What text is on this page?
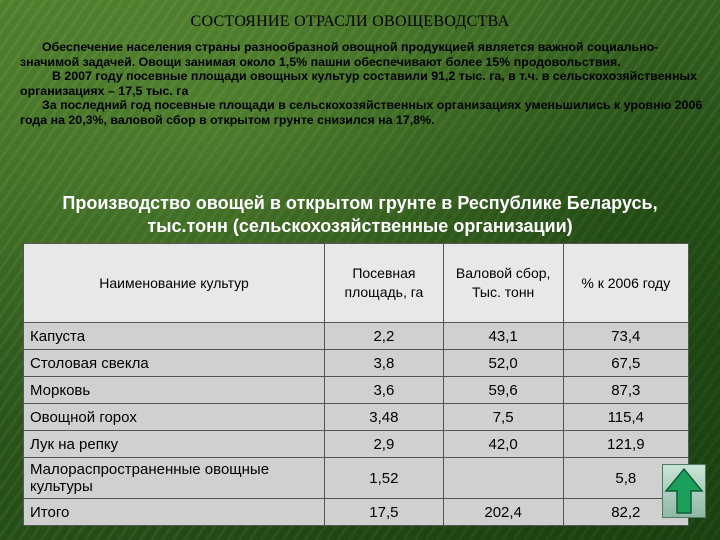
СОСТОЯНИЕ ОТРАСЛИ ОВОЩЕВОДСТВА

Обеспечение населения страны разнообразной овощной продукцией является важной социально-значимой задачей. Овощи занимая около 1,5% пашни обеспечивают более 15% продовольствия.

В 2007 году посевные площади овощных культур составили 91,2 тыс. га, в т.ч. в сельскохозяйственных организациях – 17,5 тыс. га

За последний год посевные площади в сельскохозяйственных организациях уменьшились к уровню 2006 года на 20,3%, валовой сбор в открытом грунте снизился на 17,8%.

Производство овощей в открытом грунте в Республике Беларусь, тыс.тонн (сельскохозяйственные организации)
Наименование культур	Посевная площадь, га	Валовой сбор, Тыс. тонн	% к 2006 году
Капуста	2,2	43,1	73,4
Столовая свекла	3,8	52,0	67,5
Морковь	3,6	59,6	87,3
Овощной горох	3,48	7,5	115,4
Лук на репку	2,9	42,0	121,9
Малораспространенные овощные культуры	1,52		5,8
Итого	17,5	202,4	82,2
